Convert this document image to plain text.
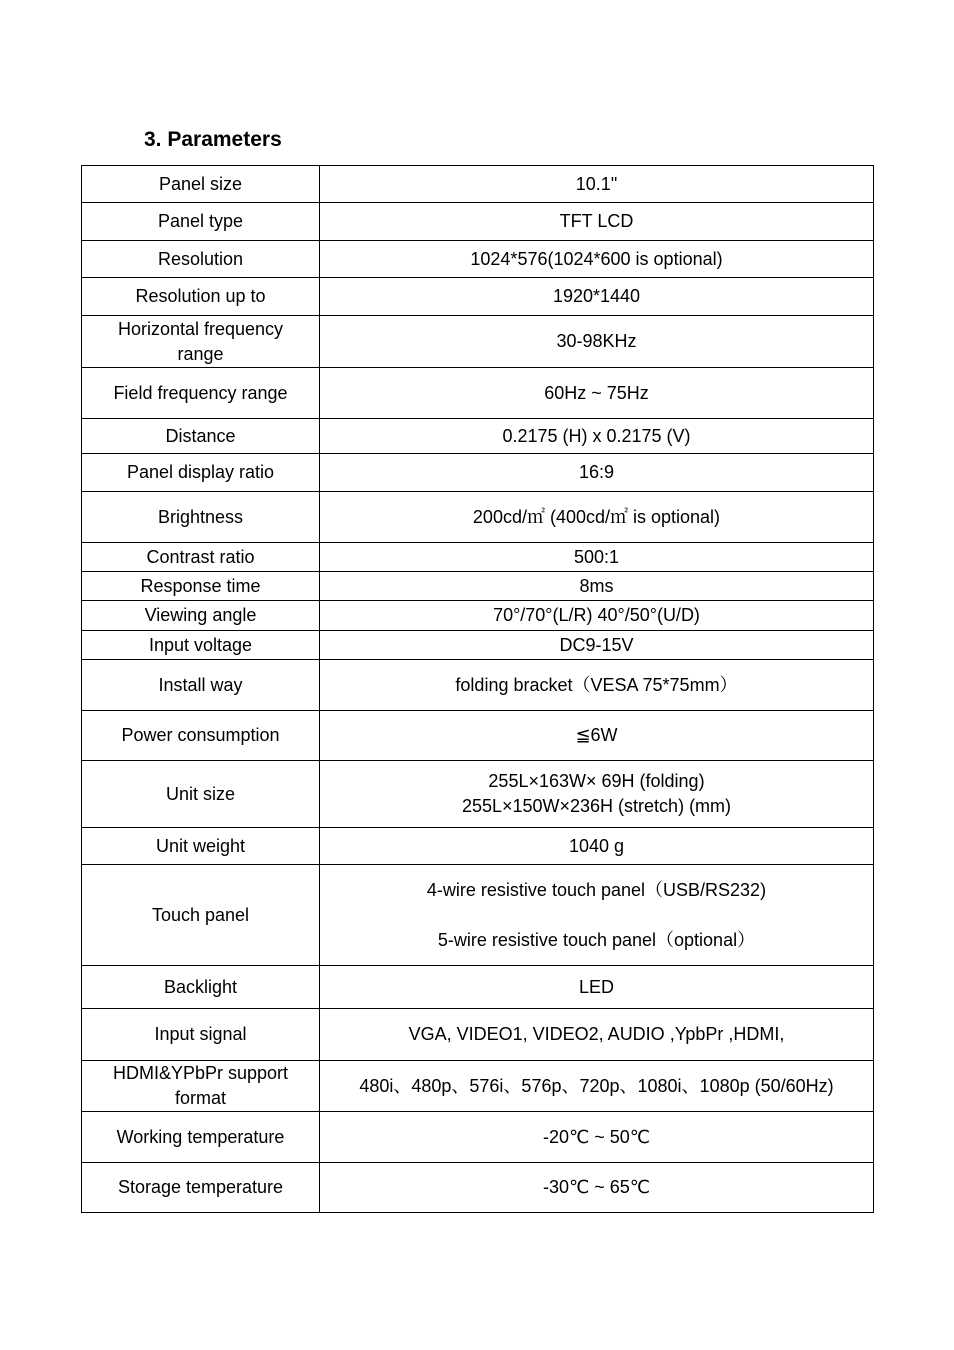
3. Parameters
Panel size	10.1"
Panel type	TFT LCD
Resolution	1024*576(1024*600 is optional)
Resolution up to	1920*1440

Horizontal frequency
range	30-98KHz
Field frequency range	60Hz ~ 75Hz
Distance	0.2175 (H) x 0.2175 (V)
Panel display ratio	16:9
Brightness	200cd/㎡ (400cd/㎡ is optional)
Contrast ratio	500:1
Response time	8ms
Viewing angle	70°/70°(L/R) 40°/50°(U/D)
Input voltage	DC9-15V
Install way	folding bracket（VESA 75*75mm）
Power consumption	≦6W
Unit size	255L×163W× 69H (folding)
255L×150W×236H (stretch) (mm)

Unit weight	1040 g
Touch panel	4-wire resistive touch panel（USB/RS232)
5-wire resistive touch panel（optional）

Backlight	LED
Input signal	VGA, VIDEO1, VIDEO2, AUDIO ,YpbPr ,HDMI,

HDMI&YPbPr support
format	480i、480p、576i、576p、720p、1080i、1080p (50/60Hz)
Working temperature	-20℃ ~ 50℃
Storage temperature	-30℃ ~ 65℃
